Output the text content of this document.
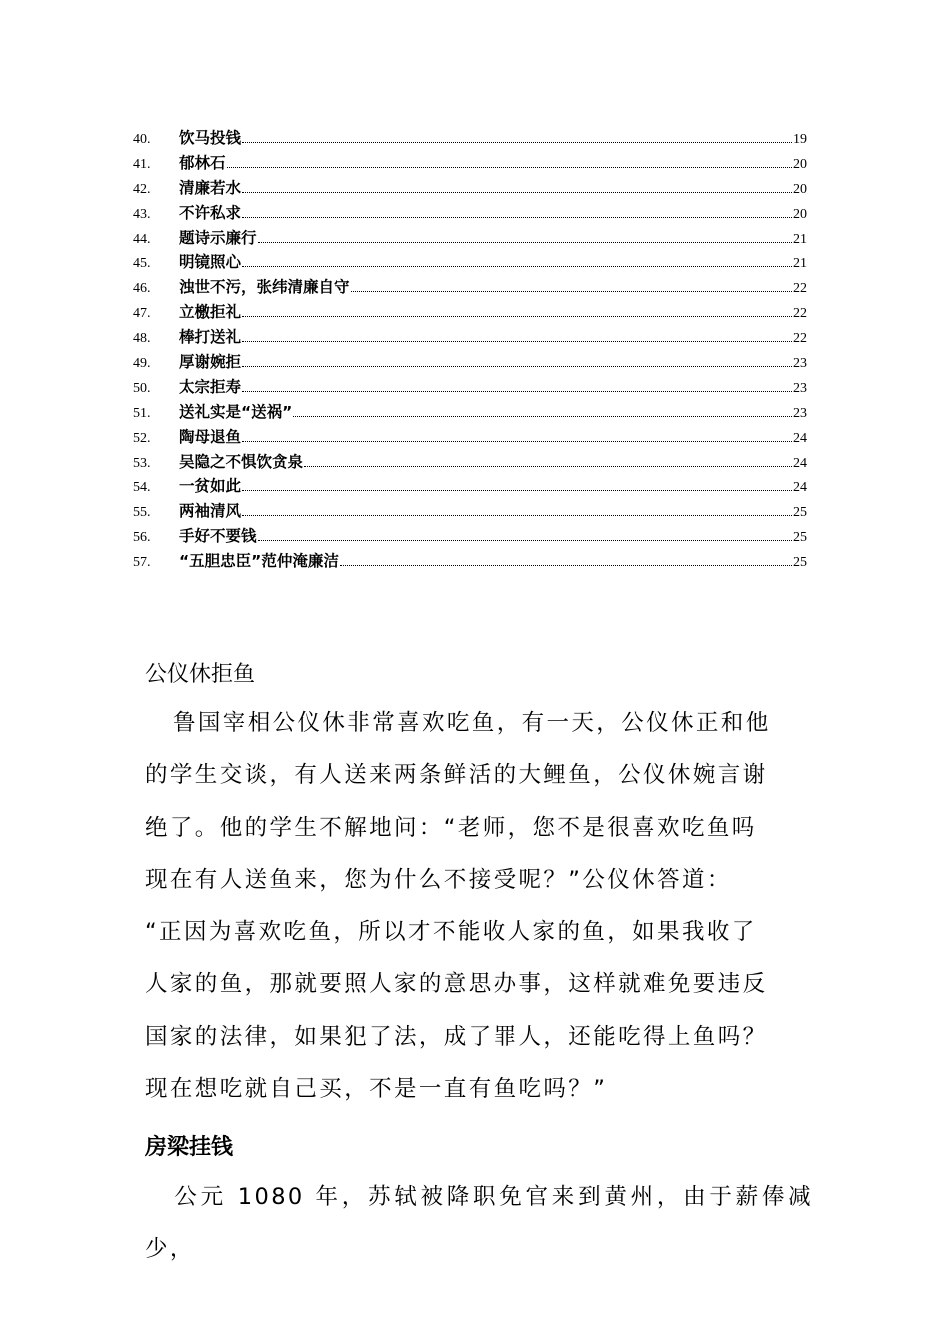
40.	饮马投钱	19
41.	郁林石	20
42.	清廉若水	20
43.	不许私求	20
44.	题诗示廉行	21
45.	明镜照心	21
46.	浊世不污，张纬清廉自守	22
47.	立檄拒礼	22
48.	棒打送礼	22
49.	厚谢婉拒	23
50.	太宗拒寿	23
51.	送礼实是“送祸”	23
52.	陶母退鱼	24
53.	吴隐之不惧饮贪泉	24
54.	一贫如此	24
55.	两袖清风	25
56.	手好不要钱	25
57.	“五胆忠臣”范仲淹廉洁	25
公仪休拒鱼

鲁国宰相公仪休非常喜欢吃鱼，有一天，公仪休正和他

的学生交谈，有人送来两条鲜活的大鲤鱼，公仪休婉言谢

绝了。他的学生不解地问：“老师，您不是很喜欢吃鱼吗

现在有人送鱼来，您为什么不接受呢？”公仪休答道：

“正因为喜欢吃鱼，所以才不能收人家的鱼，如果我收了

人家的鱼，那就要照人家的意思办事，这样就难免要违反

国家的法律，如果犯了法，成了罪人，还能吃得上鱼吗？

现在想吃就自己买，不是一直有鱼吃吗？”

房梁挂钱

公元 1080 年，苏轼被降职免官来到黄州，由于薪俸减少，
